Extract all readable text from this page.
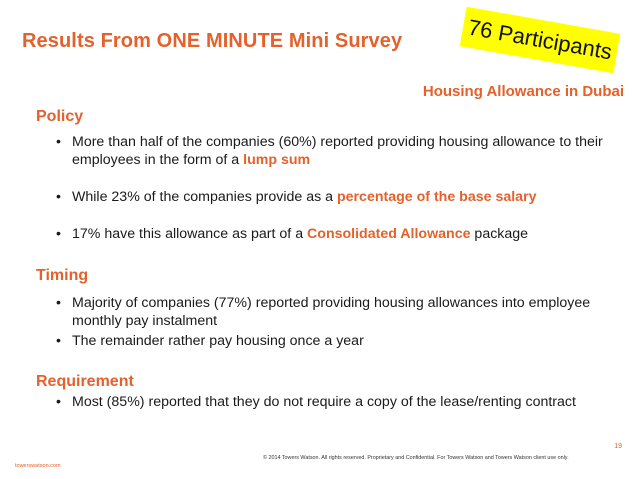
Results From ONE MINUTE Mini Survey	76 Participants
Housing Allowance in Dubai
Policy
• More than half of the companies (60%) reported providing housing allowance to their employees in the form of a lump sum
• While 23% of the companies provide as a percentage of the base salary
• 17% have this allowance as part of a Consolidated Allowance package
Timing
• Majority of companies (77%) reported providing housing allowances into employee monthly pay instalment
• The remainder rather pay housing once a year
Requirement
• Most (85%) reported that they do not require a copy of the lease/renting contract
19
© 2014 Towers Watson. All rights reserved. Proprietary and Confidential. For Towers Watson and Towers Watson client use only.
towerswatson.com
